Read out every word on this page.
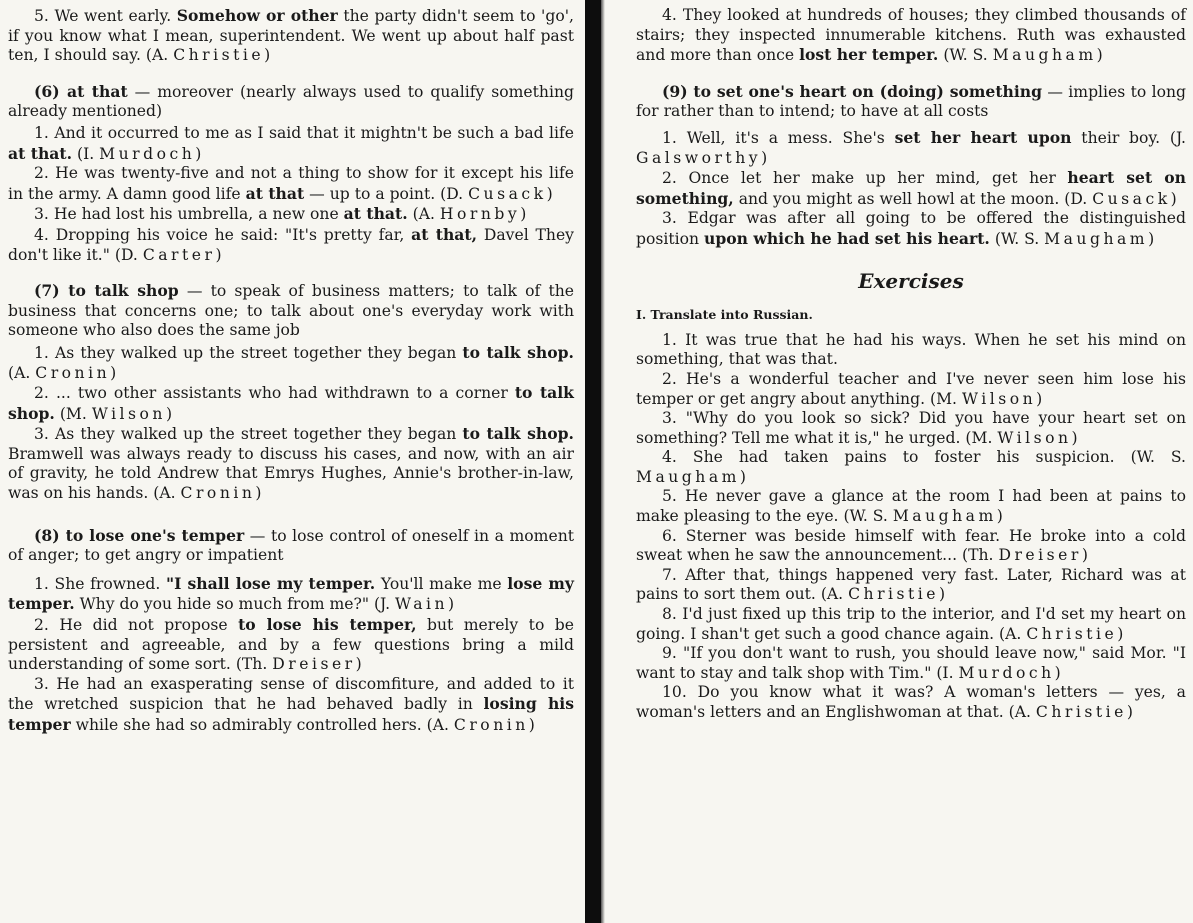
5. We went early. Somehow or other the party didn't seem to 'go', if you know what I mean, superintendent. We went up about half past ten, I should say. (A. Christie)

(6) at that — moreover (nearly always used to qualify something already mentioned)

1. And it occurred to me as I said that it mightn't be such a bad life at that. (I. Murdoch)

2. He was twenty-five and not a thing to show for it except his life in the army. A damn good life at that — up to a point. (D. Cusack)

3. He had lost his umbrella, a new one at that. (A. Hornby)

4. Dropping his voice he said: "It's pretty far, at that, Davel They don't like it." (D. Carter)

(7) to talk shop — to speak of business matters; to talk of the business that concerns one; to talk about one's everyday work with someone who also does the same job

1. As they walked up the street together they began to talk shop. (A. Cronin)

2. ... two other assistants who had withdrawn to a corner to talk shop. (M. Wilson)

3. As they walked up the street together they began to talk shop. Bramwell was always ready to discuss his cases, and now, with an air of gravity, he told Andrew that Emrys Hughes, Annie's brother-in-law, was on his hands. (A. Cronin)

(8) to lose one's temper — to lose control of oneself in a moment of anger; to get angry or impatient

1. She frowned. "I shall lose my temper. You'll make me lose my temper. Why do you hide so much from me?" (J. Wain)

2. He did not propose to lose his temper, but merely to be persistent and agreeable, and by a few questions bring a mild understanding of some sort. (Th. Dreiser)

3. He had an exasperating sense of discomfiture, and added to it the wretched suspicion that he had behaved badly in losing his temper while she had so admirably controlled hers. (A. Cronin)

4. They looked at hundreds of houses; they climbed thousands of stairs; they inspected innumerable kitchens. Ruth was exhausted and more than once lost her temper. (W. S. Maugham)

(9) to set one's heart on (doing) something — implies to long for rather than to intend; to have at all costs

1. Well, it's a mess. She's set her heart upon their boy. (J. Galsworthy)

2. Once let her make up her mind, get her heart set on something, and you might as well howl at the moon. (D. Cusack)

3. Edgar was after all going to be offered the distinguished position upon which he had set his heart. (W. S. Maugham)

Exercises

I. Translate into Russian.

1. It was true that he had his ways. When he set his mind on something, that was that.

2. He's a wonderful teacher and I've never seen him lose his temper or get angry about anything. (M. Wilson)

3. "Why do you look so sick? Did you have your heart set on something? Tell me what it is," he urged. (M. Wilson)

4. She had taken pains to foster his suspicion. (W. S. Maugham)

5. He never gave a glance at the room I had been at pains to make pleasing to the eye. (W. S. Maugham)

6. Sterner was beside himself with fear. He broke into a cold sweat when he saw the announcement... (Th. Dreiser)

7. After that, things happened very fast. Later, Richard was at pains to sort them out. (A. Christie)

8. I'd just fixed up this trip to the interior, and I'd set my heart on going. I shan't get such a good chance again. (A. Christie)

9. "If you don't want to rush, you should leave now," said Mor. "I want to stay and talk shop with Tim." (I. Murdoch)

10. Do you know what it was? A woman's letters — yes, a woman's letters and an Englishwoman at that. (A. Christie)
